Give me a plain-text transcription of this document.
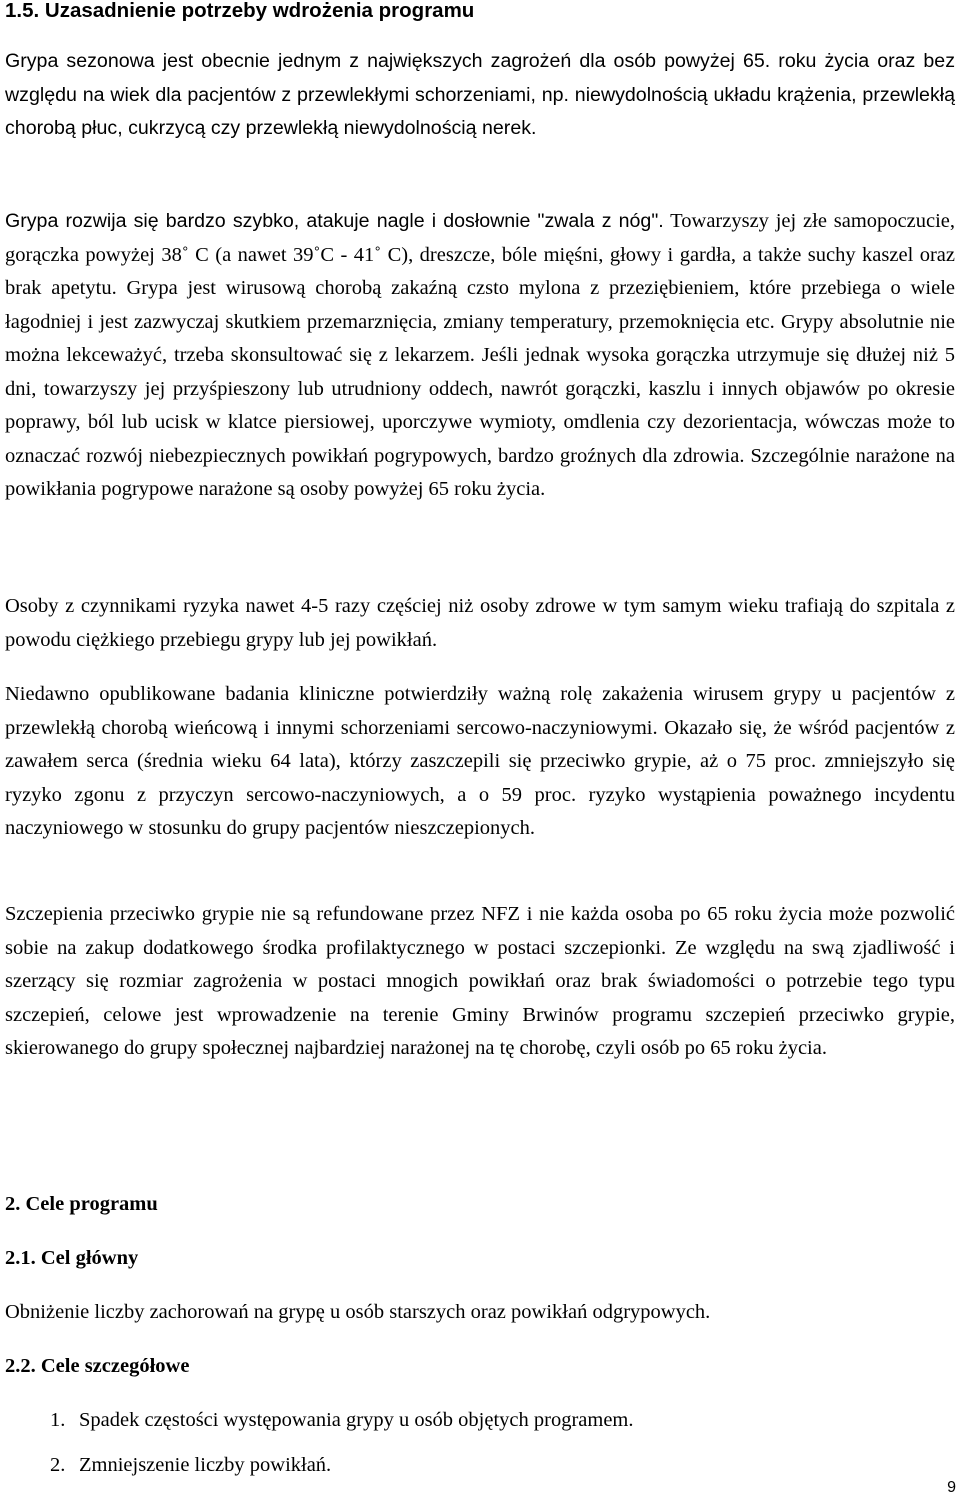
1.5. Uzasadnienie potrzeby wdrożenia programu

Grypa sezonowa jest obecnie jednym z największych zagrożeń dla osób powyżej 65. roku życia oraz bez względu na wiek dla pacjentów z przewlekłymi schorzeniami, np. niewydolnością układu krążenia, przewlekłą chorobą płuc, cukrzycą czy przewlekłą niewydolnością nerek.

Grypa rozwija się bardzo szybko, atakuje nagle i dosłownie "zwala z nóg". Towarzyszy jej złe samopoczucie, gorączka powyżej 38˚ C (a nawet 39˚C - 41˚ C), dreszcze, bóle mięśni, głowy i gardła, a także suchy kaszel oraz brak apetytu. Grypa jest wirusową chorobą zakaźną czsto mylona z przeziębieniem, które przebiega o wiele łagodniej i jest zazwyczaj skutkiem przemarznięcia, zmiany temperatury, przemoknięcia etc. Grypy absolutnie nie można lekceważyć, trzeba skonsultować się z lekarzem. Jeśli jednak wysoka gorączka utrzymuje się dłużej niż 5 dni, towarzyszy jej przyśpieszony lub utrudniony oddech, nawrót gorączki, kaszlu i innych objawów po okresie poprawy, ból lub ucisk w klatce piersiowej, uporczywe wymioty, omdlenia czy dezorientacja, wówczas może to oznaczać rozwój niebezpiecznych powikłań pogrypowych, bardzo groźnych dla zdrowia. Szczególnie narażone na powikłania pogrypowe narażone są osoby powyżej 65 roku życia.

Osoby z czynnikami ryzyka nawet 4-5 razy częściej niż osoby zdrowe w tym samym wieku trafiają do szpitala z powodu ciężkiego przebiegu grypy lub jej powikłań.

Niedawno opublikowane badania kliniczne potwierdziły ważną rolę zakażenia wirusem grypy u pacjentów z przewlekłą chorobą wieńcową i innymi schorzeniami sercowo-naczyniowymi. Okazało się, że wśród pacjentów z zawałem serca (średnia wieku 64 lata), którzy zaszczepili się przeciwko grypie, aż o 75 proc. zmniejszyło się ryzyko zgonu z przyczyn sercowo-naczyniowych, a o 59 proc. ryzyko wystąpienia poważnego incydentu naczyniowego w stosunku do grupy pacjentów nieszczepionych.

Szczepienia przeciwko grypie nie są refundowane przez NFZ i nie każda osoba po 65 roku życia może pozwolić sobie na zakup dodatkowego środka profilaktycznego w postaci szczepionki. Ze względu na swą zjadliwość i szerzący się rozmiar zagrożenia w postaci mnogich powikłań oraz brak świadomości o potrzebie tego typu szczepień, celowe jest wprowadzenie na terenie Gminy Brwinów programu szczepień przeciwko grypie, skierowanego do grupy społecznej najbardziej narażonej na tę chorobę, czyli osób po 65 roku życia.

2. Cele programu
2.1. Cel główny

Obniżenie liczby zachorowań na grypę u osób starszych oraz powikłań odgrypowych.

2.2. Cele szczegółowe
1. Spadek częstości występowania grypy u osób objętych programem.
2. Zmniejszenie liczby powikłań.
9
